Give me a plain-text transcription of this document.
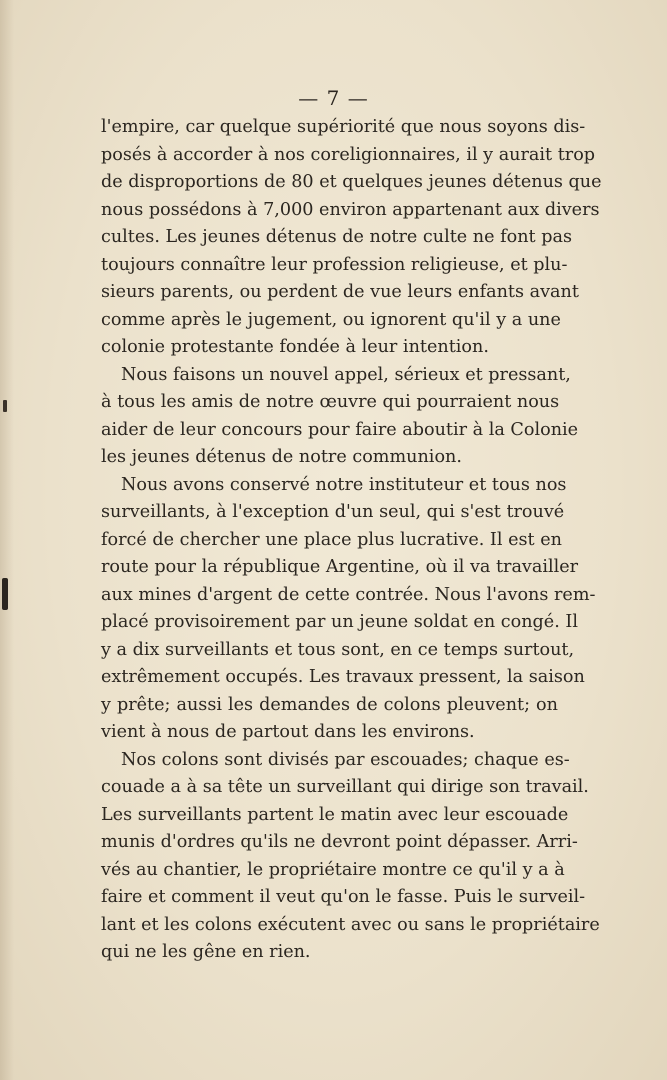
— 7 —
l'empire, car quelque supériorité que nous soyons dis-
posés à accorder à nos coreligionnaires, il y aurait trop
de disproportions de 80 et quelques jeunes détenus que
nous possédons à 7,000 environ appartenant aux divers
cultes. Les jeunes détenus de notre culte ne font pas
toujours connaître leur profession religieuse, et plu-
sieurs parents, ou perdent de vue leurs enfants avant
comme après le jugement, ou ignorent qu'il y a une
colonie protestante fondée à leur intention.
Nous faisons un nouvel appel, sérieux et pressant,
à tous les amis de notre œuvre qui pourraient nous
aider de leur concours pour faire aboutir à la Colonie
les jeunes détenus de notre communion.
Nous avons conservé notre instituteur et tous nos
surveillants, à l'exception d'un seul, qui s'est trouvé
forcé de chercher une place plus lucrative. Il est en
route pour la république Argentine, où il va travailler
aux mines d'argent de cette contrée. Nous l'avons rem-
placé provisoirement par un jeune soldat en congé. Il
y a dix surveillants et tous sont, en ce temps surtout,
extrêmement occupés. Les travaux pressent, la saison
y prête; aussi les demandes de colons pleuvent; on
vient à nous de partout dans les environs.
Nos colons sont divisés par escouades; chaque es-
couade a à sa tête un surveillant qui dirige son travail.
Les surveillants partent le matin avec leur escouade
munis d'ordres qu'ils ne devront point dépasser. Arri-
vés au chantier, le propriétaire montre ce qu'il y a à
faire et comment il veut qu'on le fasse. Puis le surveil-
lant et les colons exécutent avec ou sans le propriétaire
qui ne les gêne en rien.
